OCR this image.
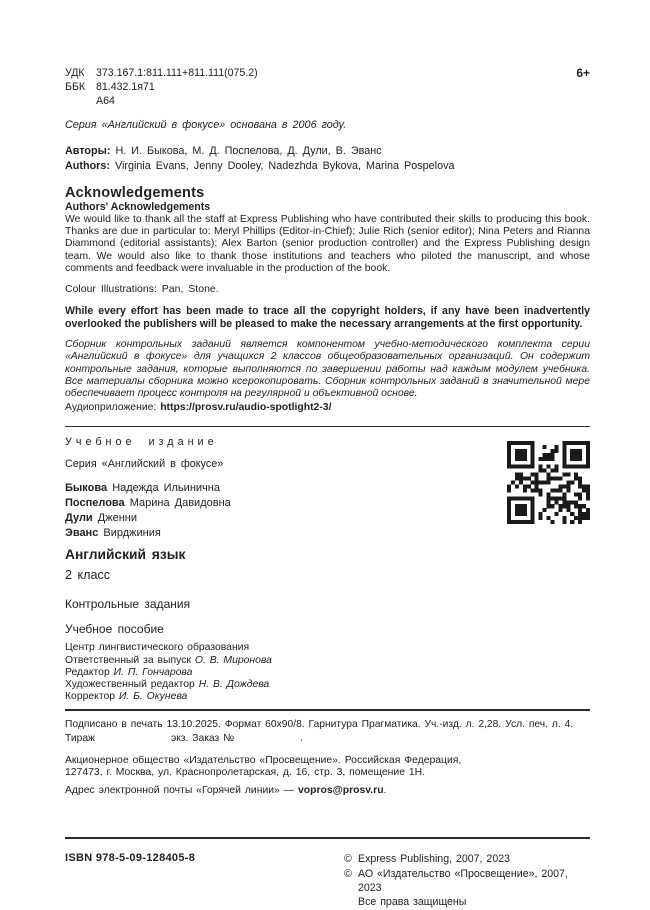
6+
УДК 373.167.1:811.111+811.111(075.2)
ББК 81.432.1я71
А64
Серия «Английский в фокусе» основана в 2006 году.
Авторы: Н. И. Быкова, М. Д. Поспелова, Д. Дули, В. Эванс
Authors: Virginia Evans, Jenny Dooley, Nadezhda Bykova, Marina Pospelova
Acknowledgements
Authors' Acknowledgements
We would like to thank all the staff at Express Publishing who have contributed their skills to producing this book. Thanks are due in particular to: Meryl Phillips (Editor-in-Chief); Julie Rich (senior editor); Nina Peters and Rianna Diammond (editorial assistants); Alex Barton (senior production controller) and the Express Publishing design team. We would also like to thank those institutions and teachers who piloted the manuscript, and whose comments and feedback were invaluable in the production of the book.
Colour Illustrations: Pan, Stone.
While every effort has been made to trace all the copyright holders, if any have been inadvertently overlooked the publishers will be pleased to make the necessary arrangements at the first opportunity.
Сборник контрольных заданий является компонентом учебно-методического комплекта серии «Английский в фокусе» для учащихся 2 классов общеобразовательных организаций. Он содержит контрольные задания, которые выполняются по завершении работы над каждым модулем учебника. Все материалы сборника можно ксерокопировать. Сборник контрольных заданий в значительной мере обеспечивает процесс контроля на регулярной и объективной основе.
Аудиоприложение: https://prosv.ru/audio-spotlight2-3/
Учебное издание
Серия «Английский в фокусе»
Быкова Надежда Ильинична
Поспелова Марина Давидовна
Дули Дженни
Эванс Вирджиния
Английский язык
2 класс
Контрольные задания
Учебное пособие
Центр лингвистического образования
Ответственный за выпуск О. В. Миронова
Редактор И. П. Гончарова
Художественный редактор Н. В. Дождева
Корректор И. Б. Окунева
Подписано в печать 13.10.2025. Формат 60х90/8. Гарнитура Прагматика. Уч.-изд. л. 2,28. Усл. печ. л. 4.
Тираж	экз. Заказ №	.
Акционерное общество «Издательство «Просвещение». Российская Федерация,
127473, г. Москва, ул. Краснопролетарская, д. 16, стр. 3, помещение 1Н.
Адрес электронной почты «Горячей линии» — vopros@prosv.ru.
ISBN 978-5-09-128405-8	© Express Publishing, 2007, 2023
© АО «Издательство «Просвещение», 2007, 2023
Все права защищены
